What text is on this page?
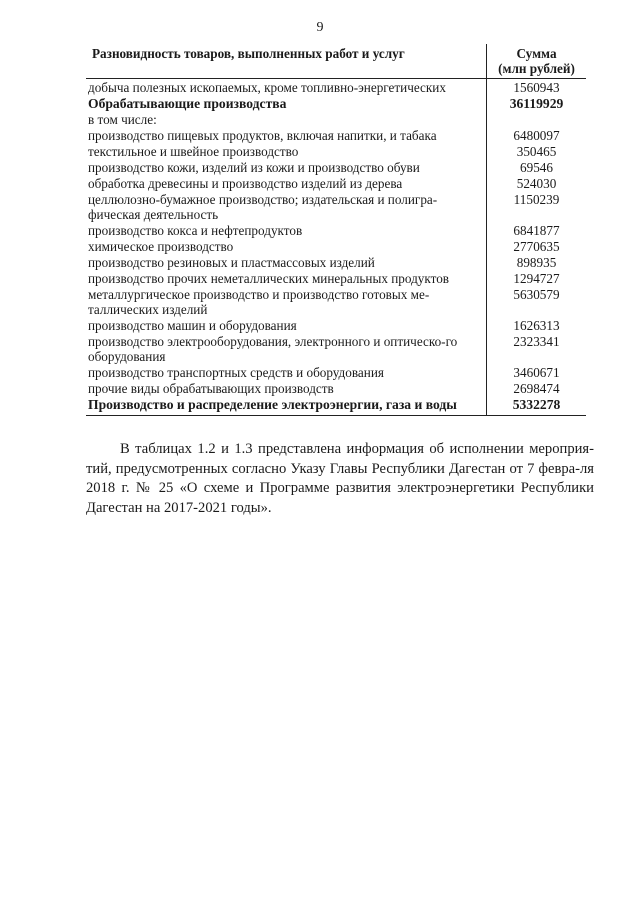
9
Разновидность товаров, выполненных работ и услуг	Сумма
(млн рублей)

добыча полезных ископаемых, кроме топливно-энергетических	1560943
Обрабатывающие производства	36119929
в том числе:	
производство пищевых продуктов, включая напитки, и табака	6480097
текстильное и швейное производство	350465
производство кожи, изделий из кожи и производство обуви	69546
обработка древесины и производство изделий из дерева	524030
целлюлозно-бумажное производство; издательская и полигра-фическая деятельность	1150239
производство кокса и нефтепродуктов	6841877
химическое производство	2770635
производство резиновых и пластмассовых изделий	898935
производство прочих неметаллических минеральных продуктов	1294727
металлургическое производство и производство готовых ме-таллических изделий	5630579
производство машин и оборудования	1626313
производство электрооборудования, электронного и оптическо-го оборудования	2323341
производство транспортных средств и оборудования	3460671
прочие виды обрабатывающих производств	2698474
Производство и распределение электроэнергии, газа и воды	5332278

В таблицах 1.2 и 1.3 представлена информация об исполнении мероприя-тий, предусмотренных согласно Указу Главы Республики Дагестан от 7 февра-ля 2018 г. № 25 «О схеме и Программе развития электроэнергетики Республики Дагестан на 2017-2021 годы».
